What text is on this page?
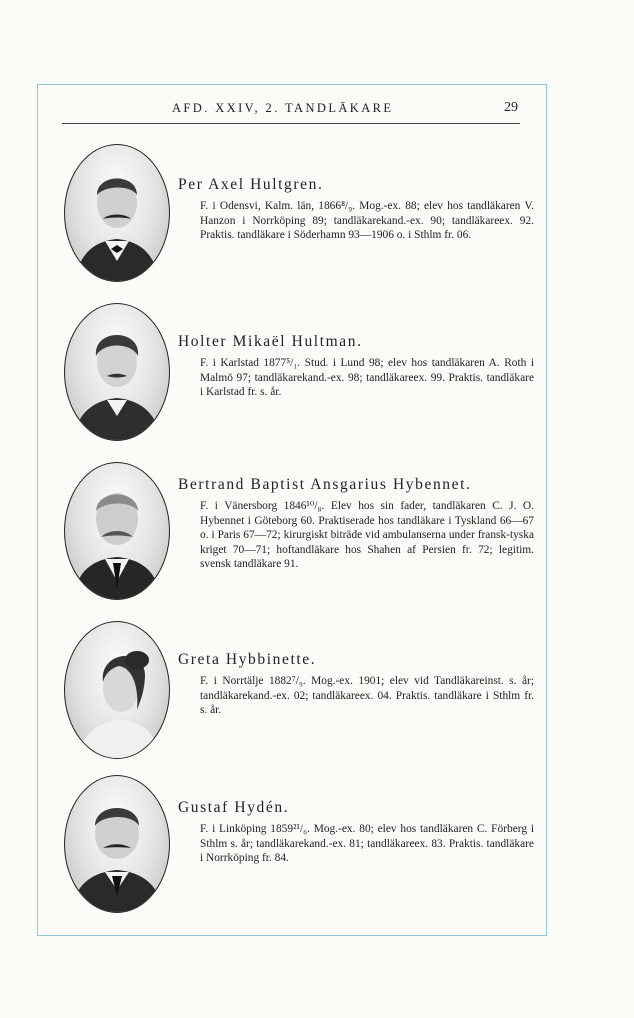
AFD. XXIV, 2. TANDLÄKARE	29

Per Axel Hultgren.

F. i Odensvi, Kalm. län, 1866⁸/₉. Mog.-ex. 88; elev hos tandläkaren V. Hanzon i Norrköping 89; tandläkarekand.-ex. 90; tandläkareex. 92. Praktis. tandläkare i Söderhamn 93—1906 o. i Sthlm fr. 06.

Holter Mikaël Hultman.

F. i Karlstad 1877⁵/₁. Stud. i Lund 98; elev hos tandläkaren A. Roth i Malmö 97; tandläkarekand.-ex. 98; tandläkareex. 99. Praktis. tandläkare i Karlstad fr. s. år.

Bertrand Baptist Ansgarius Hybennet.

F. i Vänersborg 1846¹⁰/₈. Elev hos sin fader, tandläkaren C. J. O. Hybennet i Göteborg 60. Praktiserade hos tandläkare i Tyskland 66—67 o. i Paris 67—72; kirurgiskt biträde vid ambulanserna under fransk-tyska kriget 70—71; hoftandläkare hos Shahen af Persien fr. 72; legitim. svensk tandläkare 91.

Greta Hybbinette.

F. i Norrtälje 1882⁷/₉. Mog.-ex. 1901; elev vid Tandläkareinst. s. år; tandläkarekand.-ex. 02; tandläkareex. 04. Praktis. tandläkare i Sthlm fr. s. år.

Gustaf Hydén.

F. i Linköping 1859²¹/₆. Mog.-ex. 80; elev hos tandläkaren C. Förberg i Sthlm s. år; tandläkarekand.-ex. 81; tandläkareex. 83. Praktis. tandläkare i Norrköping fr. 84.
